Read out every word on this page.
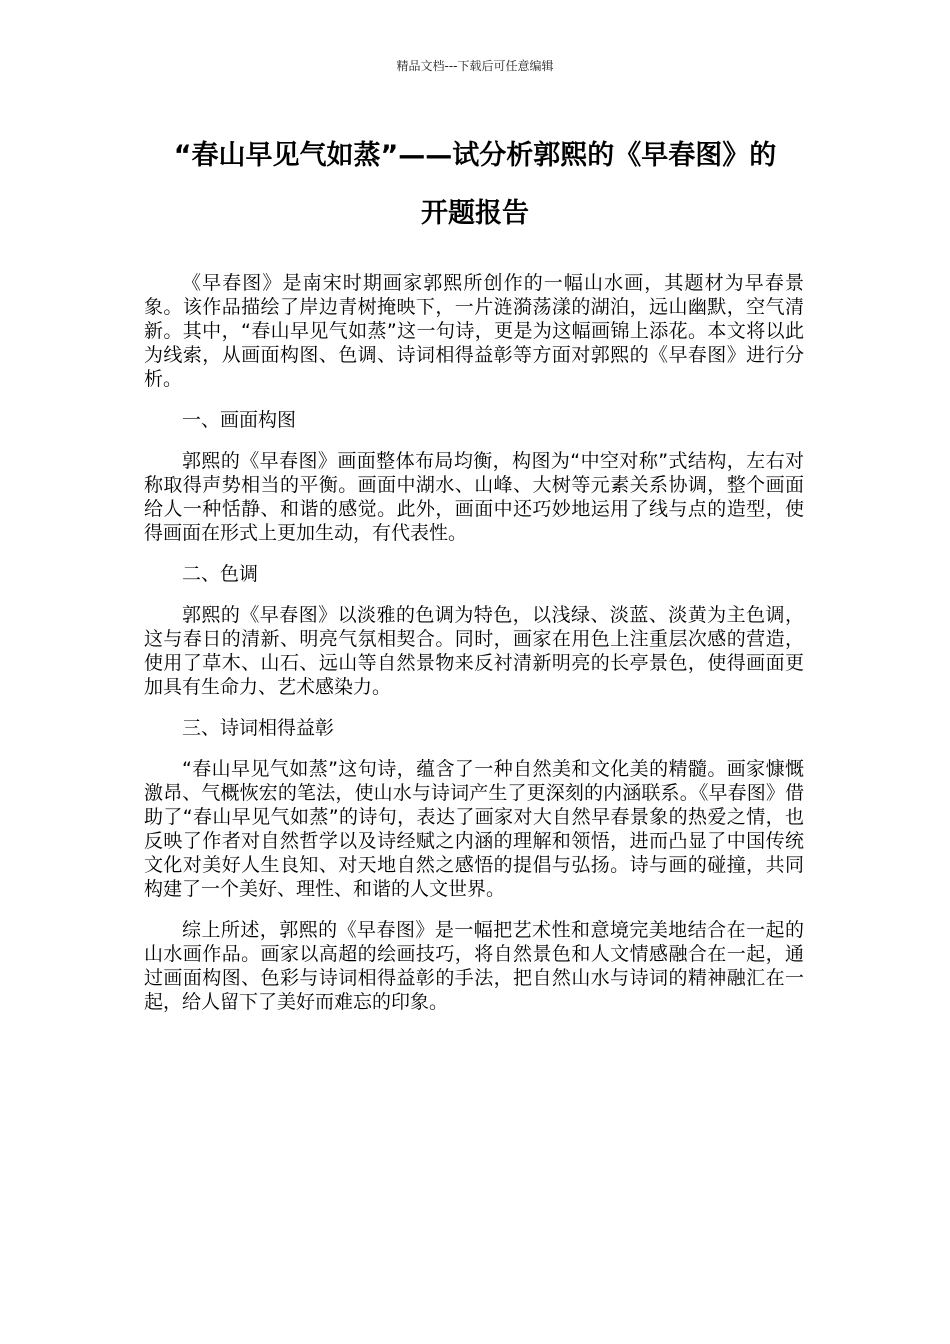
精品文档---下载后可任意编辑
“春山早见气如蒸”——试分析郭熙的《早春图》的
开题报告

《早春图》是南宋时期画家郭熙所创作的一幅山水画，其题材为早春景象。该作品描绘了岸边青树掩映下，一片涟漪荡漾的湖泊，远山幽默，空气清新。其中，“春山早见气如蒸”这一句诗，更是为这幅画锦上添花。本文将以此为线索，从画面构图、色调、诗词相得益彰等方面对郭熙的《早春图》进行分析。

一、画面构图

郭熙的《早春图》画面整体布局均衡，构图为“中空对称”式结构，左右对称取得声势相当的平衡。画面中湖水、山峰、大树等元素关系协调，整个画面给人一种恬静、和谐的感觉。此外，画面中还巧妙地运用了线与点的造型，使得画面在形式上更加生动，有代表性。

二、色调

郭熙的《早春图》以淡雅的色调为特色，以浅绿、淡蓝、淡黄为主色调，这与春日的清新、明亮气氛相契合。同时，画家在用色上注重层次感的营造，使用了草木、山石、远山等自然景物来反衬清新明亮的长亭景色，使得画面更加具有生命力、艺术感染力。

三、诗词相得益彰

“春山早见气如蒸”这句诗，蕴含了一种自然美和文化美的精髓。画家慷慨激昂、气概恢宏的笔法，使山水与诗词产生了更深刻的内涵联系。《早春图》借助了“春山早见气如蒸”的诗句，表达了画家对大自然早春景象的热爱之情，也反映了作者对自然哲学以及诗经赋之内涵的理解和领悟，进而凸显了中国传统文化对美好人生良知、对天地自然之感悟的提倡与弘扬。诗与画的碰撞，共同构建了一个美好、理性、和谐的人文世界。

综上所述，郭熙的《早春图》是一幅把艺术性和意境完美地结合在一起的山水画作品。画家以高超的绘画技巧，将自然景色和人文情感融合在一起，通过画面构图、色彩与诗词相得益彰的手法，把自然山水与诗词的精神融汇在一起，给人留下了美好而难忘的印象。
